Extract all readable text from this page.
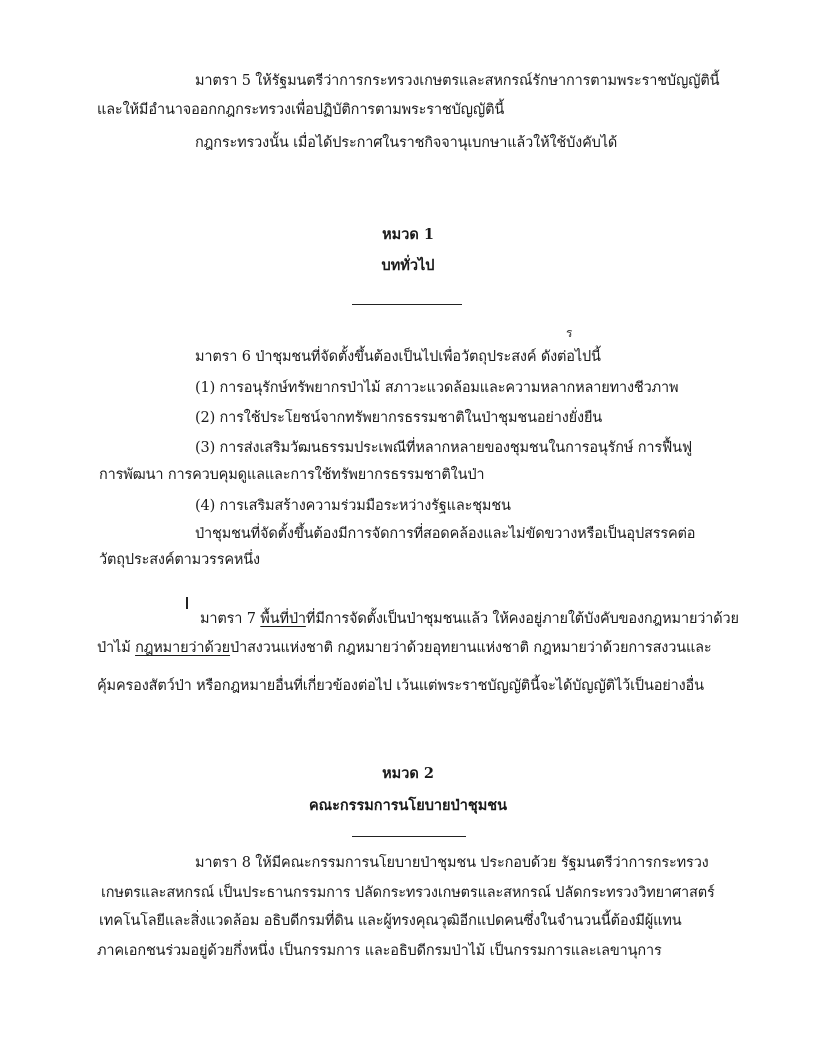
มาตรา 5 ให้รัฐมนตรีว่าการกระทรวงเกษตรและสหกรณ์รักษาการตามพระราชบัญญัตินี้
และให้มีอำนาจออกกฎกระทรวงเพื่อปฏิบัติการตามพระราชบัญญัตินี้
กฎกระทรวงนั้น เมื่อได้ประกาศในราชกิจจานุเบกษาแล้วให้ใช้บังคับได้
หมวด 1
บททั่วไป
ร
มาตรา 6 ป่าชุมชนที่จัดตั้งขึ้นต้องเป็นไปเพื่อวัตถุประสงค์ ดังต่อไปนี้
(1) การอนุรักษ์ทรัพยากรป่าไม้ สภาวะแวดล้อมและความหลากหลายทางชีวภาพ
(2) การใช้ประโยชน์จากทรัพยากรธรรมชาติในป่าชุมชนอย่างยั่งยืน
(3) การส่งเสริมวัฒนธรรมประเพณีที่หลากหลายของชุมชนในการอนุรักษ์ การฟื้นฟู
การพัฒนา การควบคุมดูแลและการใช้ทรัพยากรธรรมชาติในป่า
(4) การเสริมสร้างความร่วมมือระหว่างรัฐและชุมชน
ป่าชุมชนที่จัดตั้งขึ้นต้องมีการจัดการที่สอดคล้องและไม่ขัดขวางหรือเป็นอุปสรรคต่อ
วัตถุประสงค์ตามวรรคหนึ่ง
มาตรา 7 พื้นที่ป่าที่มีการจัดตั้งเป็นป่าชุมชนแล้ว ให้คงอยู่ภายใต้บังคับของกฎหมายว่าด้วย
ป่าไม้ กฎหมายว่าด้วยป่าสงวนแห่งชาติ กฎหมายว่าด้วยอุทยานแห่งชาติ กฎหมายว่าด้วยการสงวนและ
คุ้มครองสัตว์ป่า หรือกฎหมายอื่นที่เกี่ยวข้องต่อไป เว้นแต่พระราชบัญญัตินี้จะได้บัญญัติไว้เป็นอย่างอื่น
หมวด 2
คณะกรรมการนโยบายป่าชุมชน
มาตรา 8 ให้มีคณะกรรมการนโยบายป่าชุมชน ประกอบด้วย รัฐมนตรีว่าการกระทรวง
เกษตรและสหกรณ์ เป็นประธานกรรมการ ปลัดกระทรวงเกษตรและสหกรณ์ ปลัดกระทรวงวิทยาศาสตร์
เทคโนโลยีและสิ่งแวดล้อม อธิบดีกรมที่ดิน และผู้ทรงคุณวุฒิอีกแปดคนซึ่งในจำนวนนี้ต้องมีผู้แทน
ภาคเอกชนร่วมอยู่ด้วยกึ่งหนึ่ง เป็นกรรมการ และอธิบดีกรมป่าไม้ เป็นกรรมการและเลขานุการ
